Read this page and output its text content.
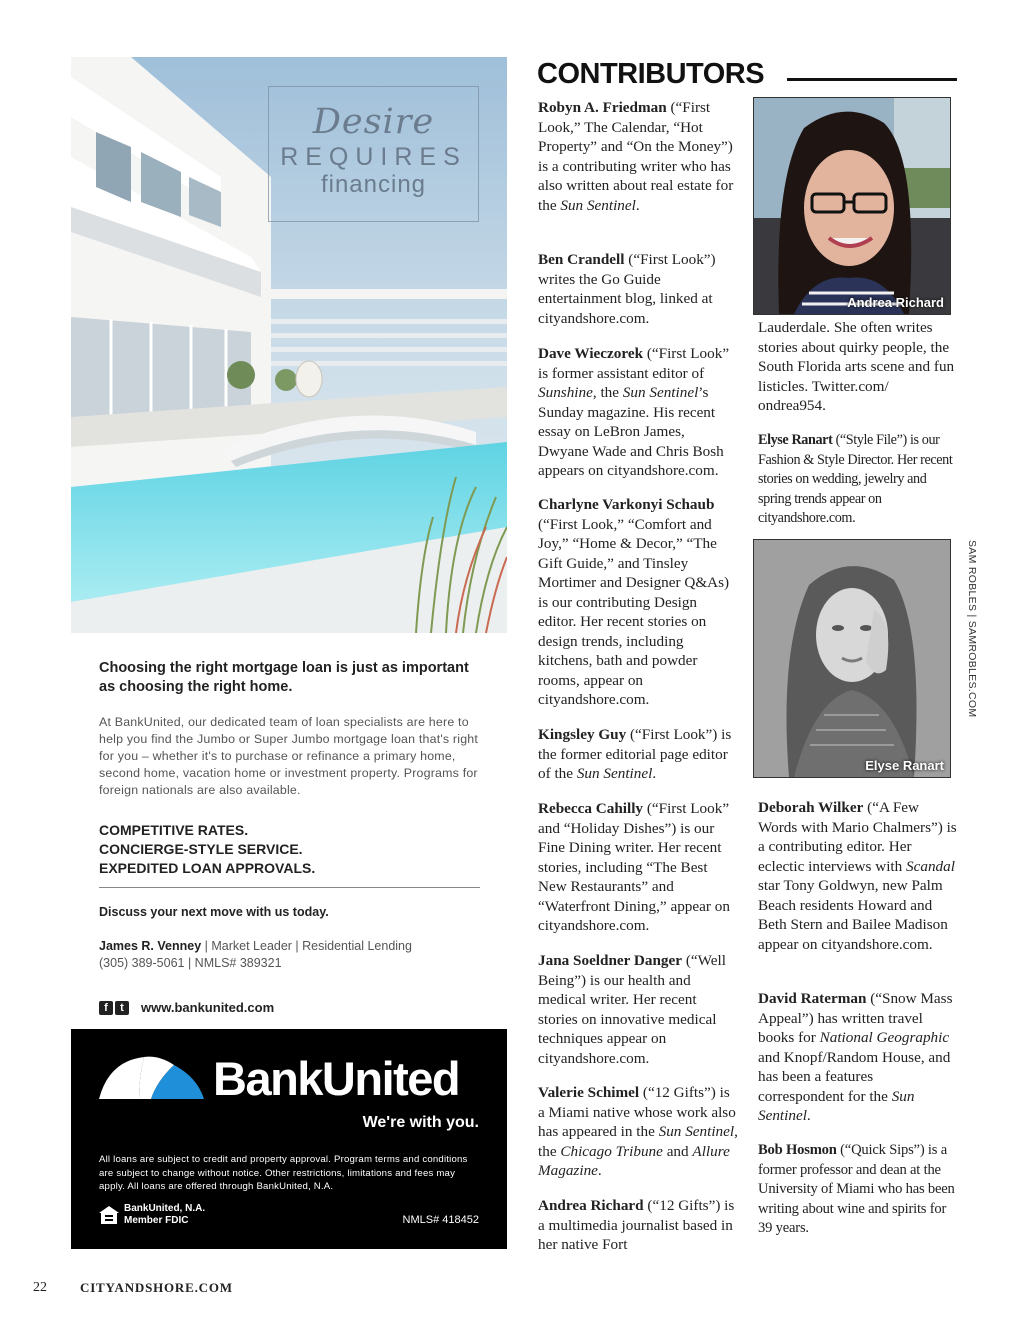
Desire
REQUIRES
financing

Choosing the right mortgage loan is just as important as choosing the right home.

At BankUnited, our dedicated team of loan specialists are here to help you find the Jumbo or Super Jumbo mortgage loan that's right for you – whether it's to purchase or refinance a primary home, second home, vacation home or investment property. Programs for foreign nationals are also available.

COMPETITIVE RATES.
CONCIERGE-STYLE SERVICE.
EXPEDITED LOAN APPROVALS.
Discuss your next move with us today.
James R. Venney | Market Leader | Residential Lending
(305) 389-5061 | NMLS# 389321
f	t	www.bankunited.com
BankUnited
We're with you.
All loans are subject to credit and property approval. Program terms and conditions are subject to change without notice. Other restrictions, limitations and fees may apply. All loans are offered through BankUnited, N.A.
BankUnited, N.A.
Member FDIC	NMLS# 418452
CONTRIBUTORS

Robyn A. Friedman (“First Look,” The Calendar, “Hot Property” and “On the Money”) is a contributing writer who has also written about real estate for the Sun Sentinel.

Ben Crandell (“First Look”) writes the Go Guide entertainment blog, linked at cityandshore.com.

Dave Wieczorek (“First Look” is former assistant editor of Sunshine, the Sun Sentinel’s Sunday magazine. His recent essay on LeBron James, Dwyane Wade and Chris Bosh appears on cityandshore.com.

Charlyne Varkonyi Schaub (“First Look,” “Comfort and Joy,” “Home & Decor,” “The Gift Guide,” and Tinsley Mortimer and Designer Q&As) is our contributing Design editor. Her recent stories on design trends, including kitchens, bath and powder rooms, appear on cityandshore.com.

Kingsley Guy (“First Look”) is the former editorial page editor of the Sun Sentinel.

Rebecca Cahilly (“First Look” and “Holiday Dishes”) is our Fine Dining writer. Her recent stories, including “The Best New Restaurants” and “Waterfront Dining,” appear on cityandshore.com.

Jana Soeldner Danger (“Well Being”) is our health and medical writer. Her recent stories on innovative medical techniques appear on cityandshore.com.

Valerie Schimel (“12 Gifts”) is a Miami native whose work also has appeared in the Sun Sentinel, the Chicago Tribune and Allure Magazine.

Andrea Richard (“12 Gifts”) is a multimedia journalist based in her native Fort

Andrea Richard

Lauderdale. She often writes stories about quirky people, the South Florida arts scene and fun listicles. Twitter.com/ ondrea954.

Elyse Ranart (“Style File”) is our Fashion & Style Director. Her recent stories on wedding, jewelry and spring trends appear on cityandshore.com.

Elyse Ranart
SAM ROBLES | SAMROBLES.COM

Deborah Wilker (“A Few Words with Mario Chalmers”) is a contributing editor. Her eclectic interviews with Scandal star Tony Goldwyn, new Palm Beach residents Howard and Beth Stern and Bailee Madison appear on cityandshore.com.

David Raterman (“Snow Mass Appeal”) has written travel books for National Geographic and Knopf/Random House, and has been a features correspondent for the Sun Sentinel.

Bob Hosmon (“Quick Sips”) is a former professor and dean at the University of Miami who has been writing about wine and spirits for 39 years.

22	CITYANDSHORE.COM
